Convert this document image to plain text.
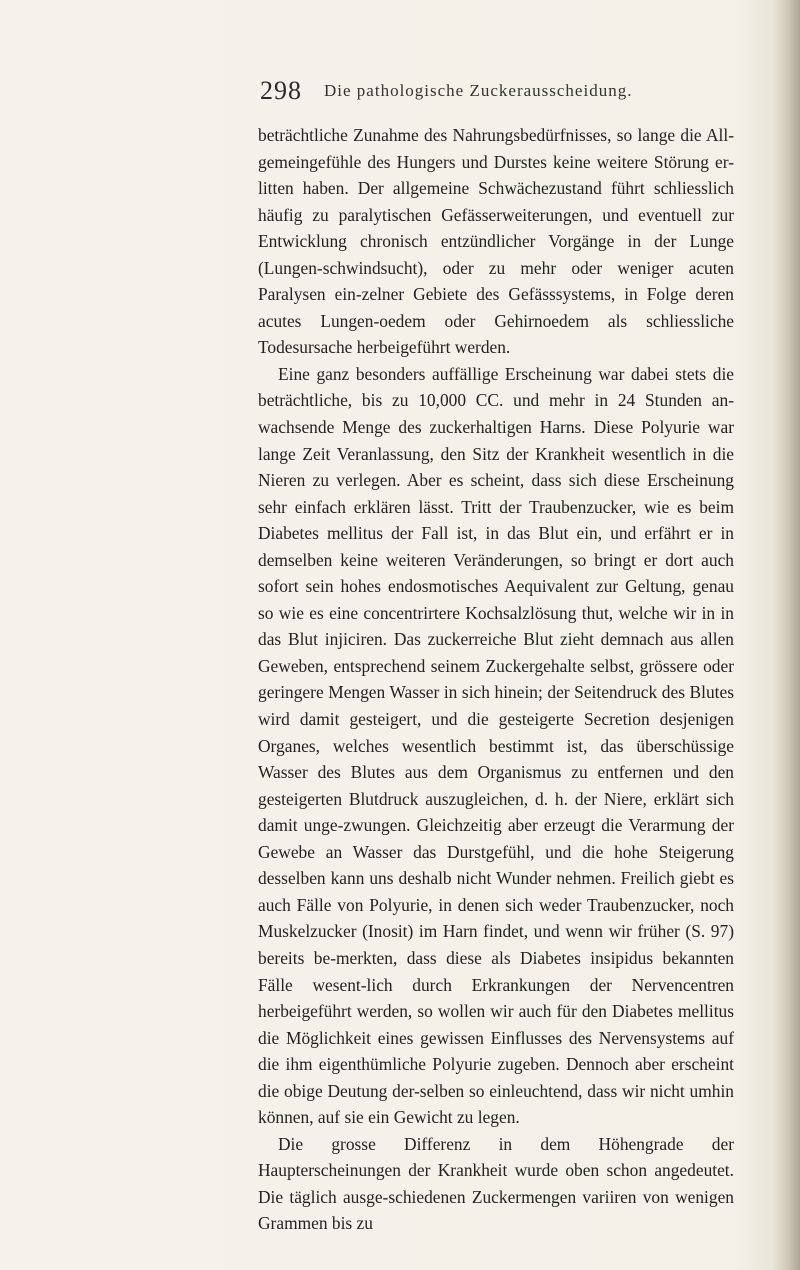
298 Die pathologische Zuckerausscheidung.

beträchtliche Zunahme des Nahrungsbedürfnisses, so lange die All-gemeingefühle des Hungers und Durstes keine weitere Störung er-litten haben. Der allgemeine Schwächezustand führt schliesslich häufig zu paralytischen Gefässerweiterungen, und eventuell zur Entwicklung chronisch entzündlicher Vorgänge in der Lunge (Lungen-schwindsucht), oder zu mehr oder weniger acuten Paralysen ein-zelner Gebiete des Gefässsystems, in Folge deren acutes Lungen-oedem oder Gehirnoedem als schliessliche Todesursache herbeigeführt werden.

Eine ganz besonders auffällige Erscheinung war dabei stets die beträchtliche, bis zu 10,000 CC. und mehr in 24 Stunden an-wachsende Menge des zuckerhaltigen Harns. Diese Polyurie war lange Zeit Veranlassung, den Sitz der Krankheit wesentlich in die Nieren zu verlegen. Aber es scheint, dass sich diese Erscheinung sehr einfach erklären lässt. Tritt der Traubenzucker, wie es beim Diabetes mellitus der Fall ist, in das Blut ein, und erfährt er in demselben keine weiteren Veränderungen, so bringt er dort auch sofort sein hohes endosmotisches Aequivalent zur Geltung, genau so wie es eine concentrirtere Kochsalzlösung thut, welche wir in in das Blut injiciren. Das zuckerreiche Blut zieht demnach aus allen Geweben, entsprechend seinem Zuckergehalte selbst, grössere oder geringere Mengen Wasser in sich hinein; der Seitendruck des Blutes wird damit gesteigert, und die gesteigerte Secretion desjenigen Organes, welches wesentlich bestimmt ist, das überschüssige Wasser des Blutes aus dem Organismus zu entfernen und den gesteigerten Blutdruck auszugleichen, d. h. der Niere, erklärt sich damit unge-zwungen. Gleichzeitig aber erzeugt die Verarmung der Gewebe an Wasser das Durstgefühl, und die hohe Steigerung desselben kann uns deshalb nicht Wunder nehmen. Freilich giebt es auch Fälle von Polyurie, in denen sich weder Traubenzucker, noch Muskelzucker (Inosit) im Harn findet, und wenn wir früher (S. 97) bereits be-merkten, dass diese als Diabetes insipidus bekannten Fälle wesent-lich durch Erkrankungen der Nervencentren herbeigeführt werden, so wollen wir auch für den Diabetes mellitus die Möglichkeit eines gewissen Einflusses des Nervensystems auf die ihm eigenthümliche Polyurie zugeben. Dennoch aber erscheint die obige Deutung der-selben so einleuchtend, dass wir nicht umhin können, auf sie ein Gewicht zu legen.

Die grosse Differenz in dem Höhengrade der Haupterscheinungen der Krankheit wurde oben schon angedeutet. Die täglich ausge-schiedenen Zuckermengen variiren von wenigen Grammen bis zu
